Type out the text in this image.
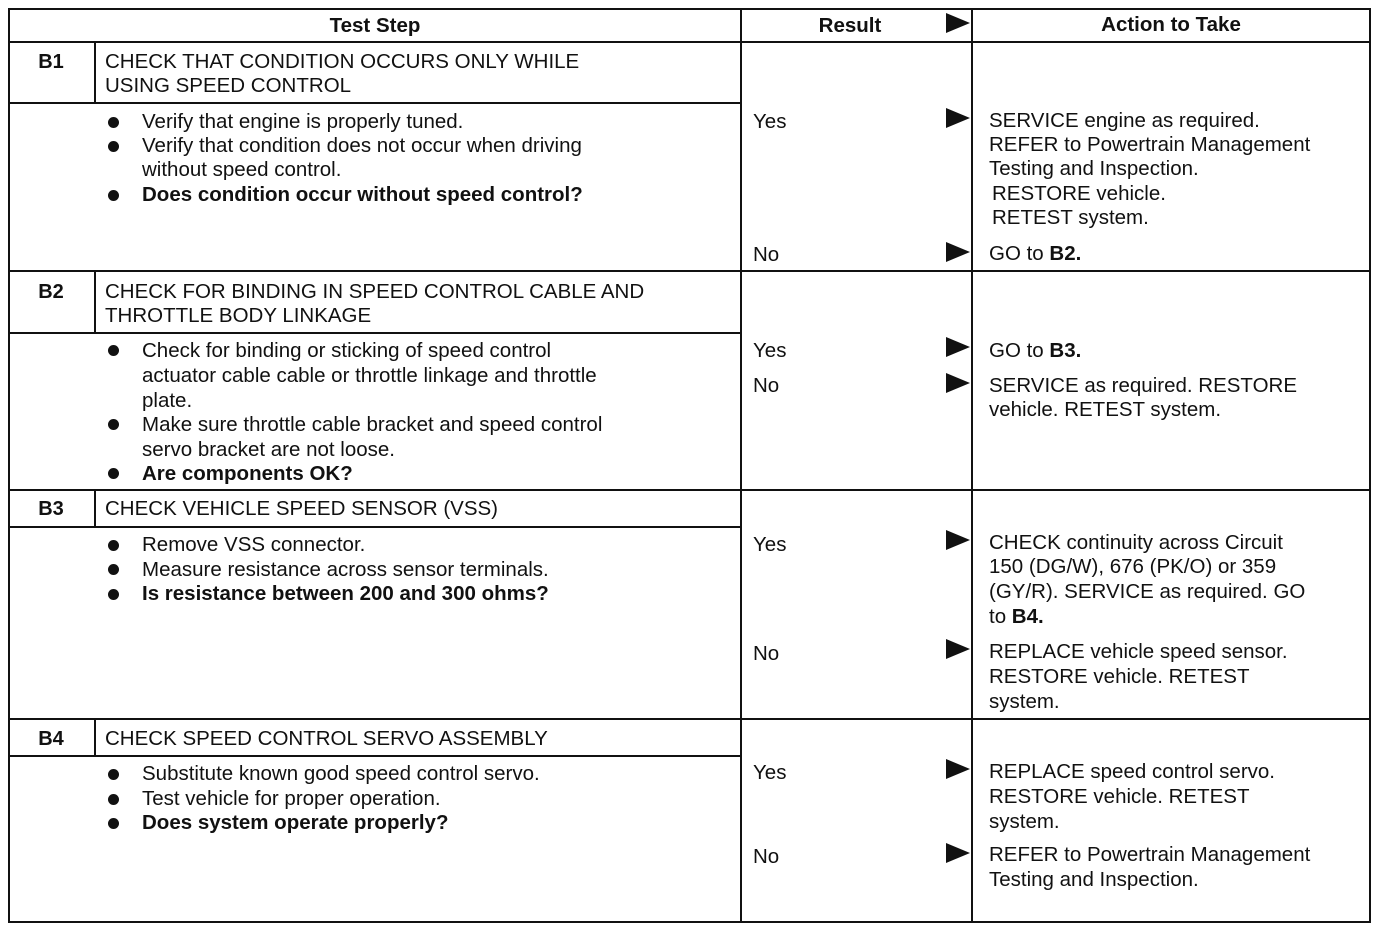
Test Step	Result	Action to Take
B1	CHECK THAT CONDITION OCCURS ONLY WHILE
USING SPEED CONTROL
Verify that engine is properly tuned.
Verify that condition does not occur when driving
without speed control.
Does condition occur without speed control?
Yes	SERVICE engine as required.
REFER to Powertrain Management
Testing and Inspection.
RESTORE vehicle.
RETEST system.
No	GO to B2.
B2	CHECK FOR BINDING IN SPEED CONTROL CABLE AND
THROTTLE BODY LINKAGE
Check for binding or sticking of speed control
actuator cable cable or throttle linkage and throttle
plate.
Make sure throttle cable bracket and speed control
servo bracket are not loose.
Are components OK?
Yes	GO to B3.
No	SERVICE as required. RESTORE
vehicle. RETEST system.
B3	CHECK VEHICLE SPEED SENSOR (VSS)
Remove VSS connector.
Measure resistance across sensor terminals.
Is resistance between 200 and 300 ohms?
Yes	CHECK continuity across Circuit
150 (DG/W), 676 (PK/O) or 359
(GY/R). SERVICE as required. GO
to B4.
No	REPLACE vehicle speed sensor.
RESTORE vehicle. RETEST
system.
B4	CHECK SPEED CONTROL SERVO ASSEMBLY
Substitute known good speed control servo.
Test vehicle for proper operation.
Does system operate properly?
Yes	REPLACE speed control servo.
RESTORE vehicle. RETEST
system.
No	REFER to Powertrain Management
Testing and Inspection.
